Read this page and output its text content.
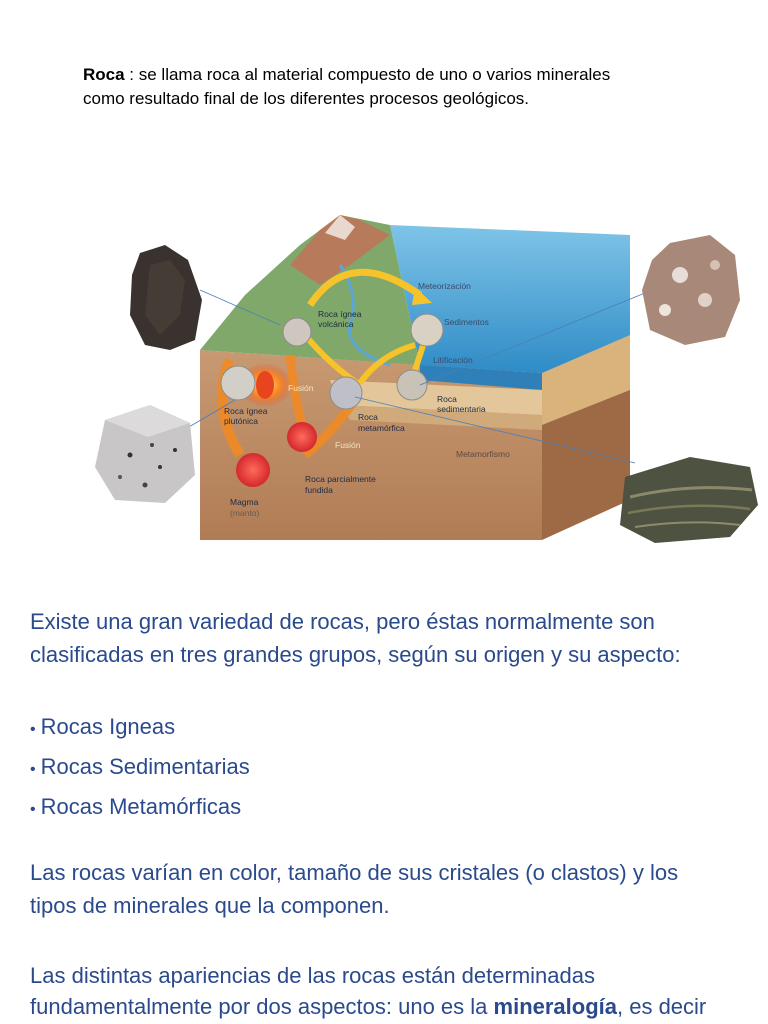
Roca : se llama roca al material compuesto de uno o varios minerales
como resultado final de los diferentes procesos geológicos.
Meteorización
Sedimentos
Roca ígnea
volcánica
Litificación
Fusión
Roca
sedimentaria
Roca ígnea
plutónica	Roca
metamórfica
Fusión
Metamorfismo
Roca parcialmente
fundida
Magma
(manto)
Existe una gran variedad de rocas, pero éstas normalmente son
clasificadas en tres grandes grupos, según su origen y su aspecto:
• Rocas Igneas
• Rocas Sedimentarias
• Rocas Metamórficas
Las rocas varían en color, tamaño de sus cristales (o clastos) y los
tipos de minerales que la componen.
Las distintas apariencias de las rocas están determinadas
fundamentalmente por dos aspectos: uno es la mineralogía, es decir
